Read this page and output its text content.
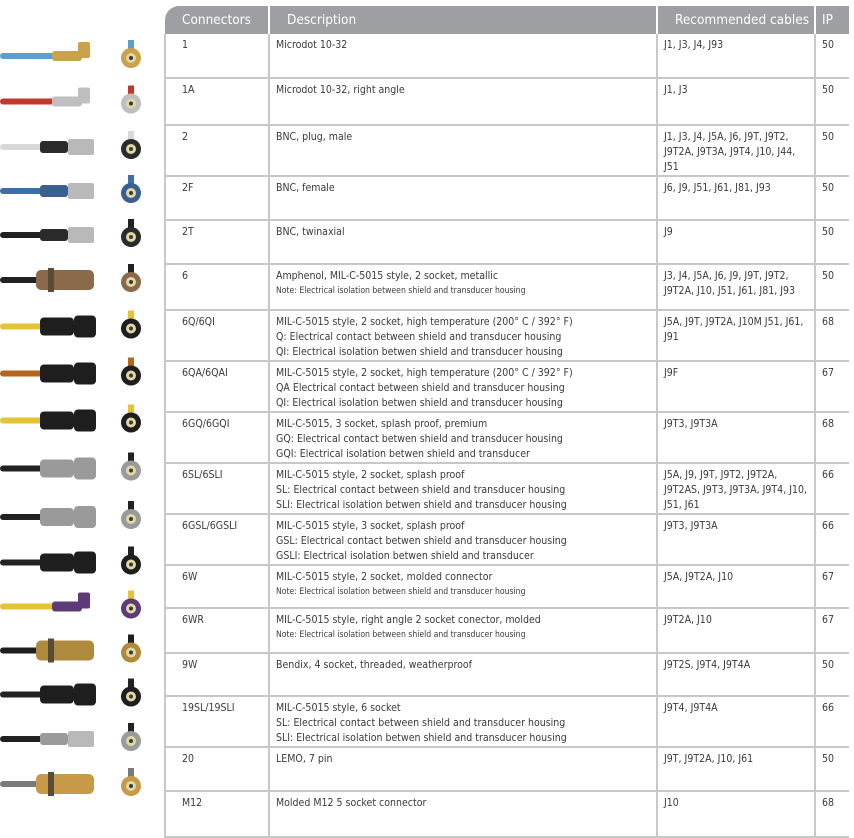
Connectors	Description	Recommended cables	IP
1	Microdot 10-32	J1, J3, J4, J93	50
1A	Microdot 10-32, right angle	J1, J3	50
2	BNC, plug, male	J1, J3, J4, J5A, J6, J9T, J9T2, J9T2A, J9T3A, J9T4, J10, J44, J51	50
2F	BNC, female	J6, J9, J51, J61, J81, J93	50
2T	BNC, twinaxial	J9	50
6	Amphenol, MIL-C-5015 style, 2 socket, metallic
Note: Electrical isolation between shield and transducer housing	J3, J4, J5A, J6, J9, J9T, J9T2, J9T2A, J10, J51, J61, J81, J93	50
6Q/6QI	MIL-C-5015 style, 2 socket, high temperature (200° C / 392° F)
Q: Electrical contact between shield and transducer housing
QI: Electrical isolation betwen shield and transducer housing	J5A, J9T, J9T2A, J10M J51, J61, J91	68
6QA/6QAI	MIL-C-5015 style, 2 socket, high temperature (200° C / 392° F)
QA Electrical contact between shield and transducer housing
QI: Electrical isolation betwen shield and transducer housing	J9F	67
6GQ/6GQI	MIL-C-5015, 3 socket, splash proof, premium
GQ: Electrical contact betwen shield and transducer housing
GQI: Electrical isolation betwen shield and transducer	J9T3, J9T3A	68
6SL/6SLI	MIL-C-5015 style, 2 socket, splash proof
SL: Electrical contact between shield and transducer housing
SLI: Electrical isolation betwen shield and transducer housing	J5A, J9, J9T, J9T2, J9T2A, J9T2AS, J9T3, J9T3A, J9T4, J10, J51, J61	66
6GSL/6GSLI	MIL-C-5015 style, 3 socket, splash proof
GSL: Electrical contact betwen shield and transducer housing
GSLI: Electrical isolation betwen shield and transducer	J9T3, J9T3A	66
6W	MIL-C-5015 style, 2 socket, molded connector
Note: Electrical isolation between shield and transducer housing	J5A, J9T2A, J10	67
6WR	MIL-C-5015 style, right angle 2 socket conector, molded
Note: Electrical isolation between shield and transducer housing	J9T2A, J10	67
9W	Bendix, 4 socket, threaded, weatherproof	J9T2S, J9T4, J9T4A	50
19SL/19SLI	MIL-C-5015 style, 6 socket
SL: Electrical contact between shield and transducer housing
SLI: Electrical isolation betwen shield and transducer housing	J9T4, J9T4A	66
20	LEMO, 7 pin	J9T, J9T2A, J10, J61	50
M12	Molded M12 5 socket connector	J10	68
